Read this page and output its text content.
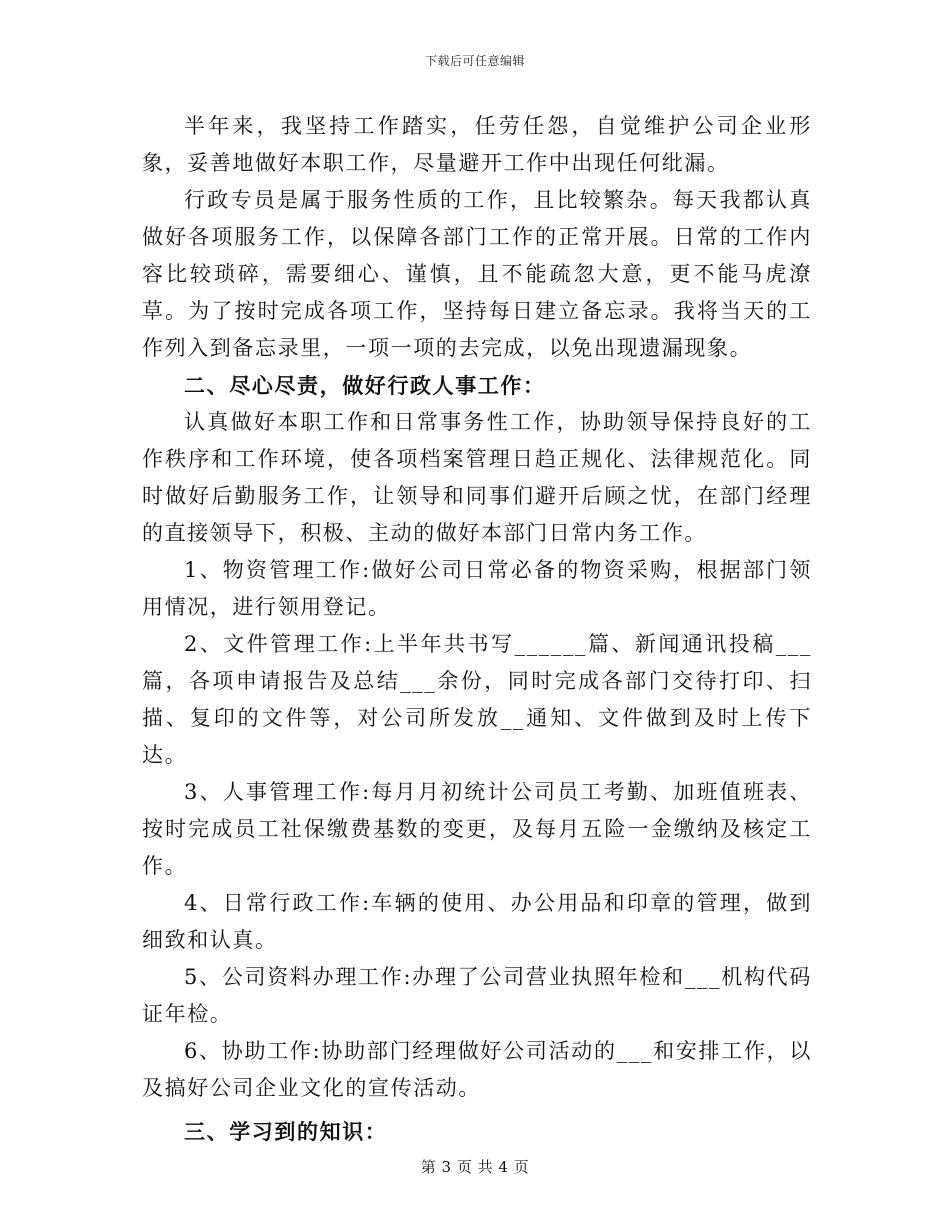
下载后可任意编辑

半年来，我坚持工作踏实，任劳任怨，自觉维护公司企业形象，妥善地做好本职工作，尽量避开工作中出现任何纰漏。

行政专员是属于服务性质的工作，且比较繁杂。每天我都认真做好各项服务工作，以保障各部门工作的正常开展。日常的工作内容比较琐碎，需要细心、谨慎，且不能疏忽大意，更不能马虎潦草。为了按时完成各项工作，坚持每日建立备忘录。我将当天的工作列入到备忘录里，一项一项的去完成，以免出现遗漏现象。

二、尽心尽责，做好行政人事工作：

认真做好本职工作和日常事务性工作，协助领导保持良好的工作秩序和工作环境，使各项档案管理日趋正规化、法律规范化。同时做好后勤服务工作，让领导和同事们避开后顾之忧，在部门经理的直接领导下，积极、主动的做好本部门日常内务工作。

1、物资管理工作:做好公司日常必备的物资采购，根据部门领用情况，进行领用登记。

2、文件管理工作:上半年共书写______篇、新闻通讯投稿___篇，各项申请报告及总结___余份，同时完成各部门交待打印、扫描、复印的文件等，对公司所发放__通知、文件做到及时上传下达。

3、人事管理工作:每月月初统计公司员工考勤、加班值班表、按时完成员工社保缴费基数的变更，及每月五险一金缴纳及核定工作。

4、日常行政工作:车辆的使用、办公用品和印章的管理，做到细致和认真。

5、公司资料办理工作:办理了公司营业执照年检和___机构代码证年检。

6、协助工作:协助部门经理做好公司活动的___和安排工作，以及搞好公司企业文化的宣传活动。

三、学习到的知识：

第 3 页 共 4 页
